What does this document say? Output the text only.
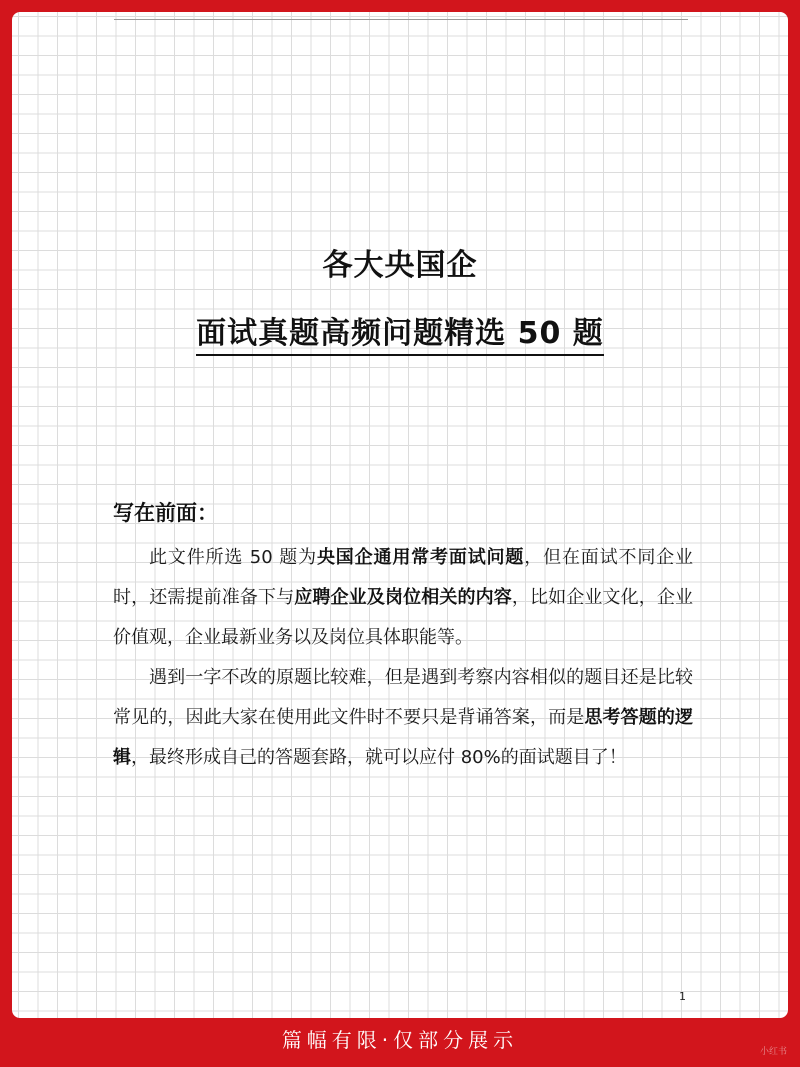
各大央国企
面试真题高频问题精选 50 题
写在前面：

此文件所选 50 题为央国企通用常考面试问题，但在面试不同企业时，还需提前准备下与应聘企业及岗位相关的内容，比如企业文化，企业价值观，企业最新业务以及岗位具体职能等。

遇到一字不改的原题比较难，但是遇到考察内容相似的题目还是比较常见的，因此大家在使用此文件时不要只是背诵答案，而是思考答题的逻辑，最终形成自己的答题套路，就可以应付 80%的面试题目了！

1
篇幅有限·仅部分展示	小红书
